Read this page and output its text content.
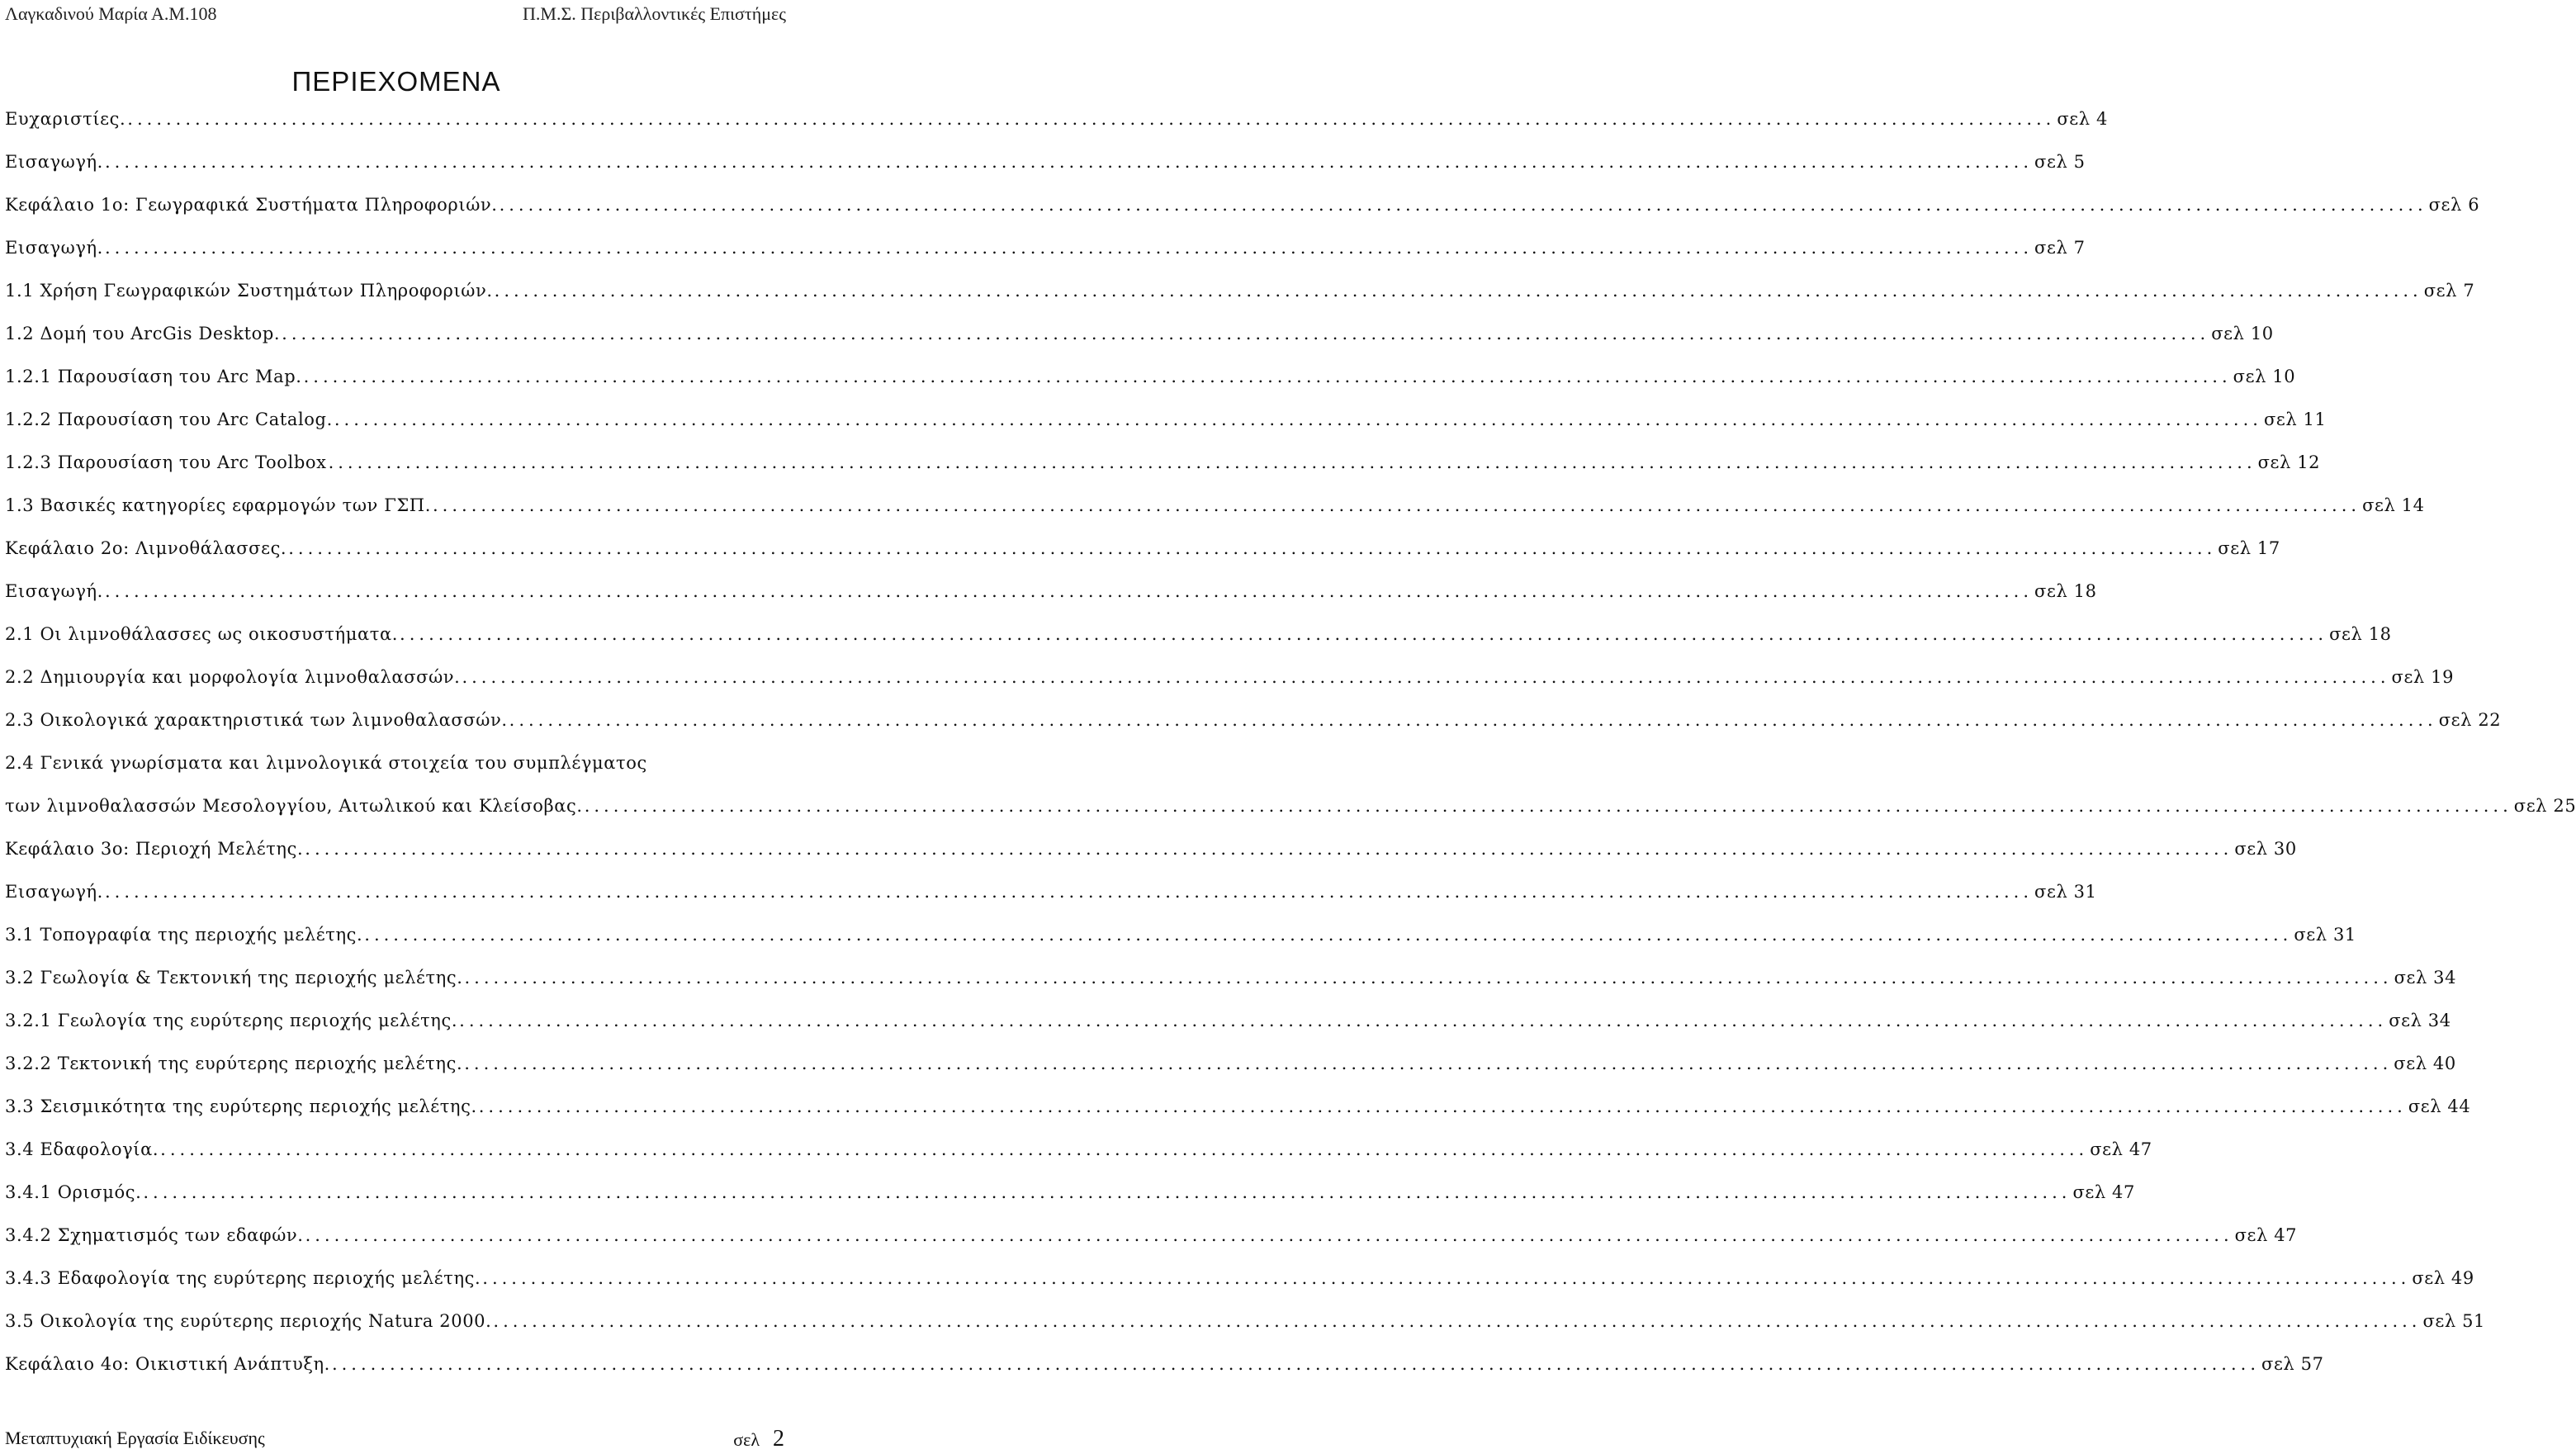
Λαγκαδινού Μαρία Α.Μ.108	Π.Μ.Σ. Περιβαλλοντικές Επιστήμες
ΠΕΡΙΕΧΟΜΕΝΑ
Ευχαριστίες. ........................................................................................................................................................................................................ σελ 4
Εισαγωγή. ........................................................................................................................................................................................................ σελ 5
Κεφάλαιο 1ο: Γεωγραφικά Συστήματα Πληροφοριών. ........................................................................................................................................................................................................ σελ 6
Εισαγωγή. ........................................................................................................................................................................................................ σελ 7
1.1 Χρήση Γεωγραφικών Συστημάτων Πληροφοριών. ........................................................................................................................................................................................................ σελ 7
1.2 Δομή του ArcGis Desktop. ........................................................................................................................................................................................................ σελ 10
1.2.1 Παρουσίαση του Arc Map. ........................................................................................................................................................................................................ σελ 10
1.2.2 Παρουσίαση του Arc Catalog. ........................................................................................................................................................................................................ σελ 11
1.2.3 Παρουσίαση του Arc Toolbox ........................................................................................................................................................................................................ σελ 12
1.3 Βασικές κατηγορίες εφαρμογών των ΓΣΠ. ........................................................................................................................................................................................................ σελ 14
Κεφάλαιο 2ο: Λιμνοθάλασσες. ........................................................................................................................................................................................................ σελ 17
Εισαγωγή. ........................................................................................................................................................................................................ σελ 18
2.1 Οι λιμνοθάλασσες ως οικοσυστήματα. ........................................................................................................................................................................................................ σελ 18
2.2 Δημιουργία και μορφολογία λιμνοθαλασσών. ........................................................................................................................................................................................................ σελ 19
2.3 Οικολογικά χαρακτηριστικά των λιμνοθαλασσών. ........................................................................................................................................................................................................ σελ 22
2.4 Γενικά γνωρίσματα και λιμνολογικά στοιχεία του συμπλέγματος
των λιμνοθαλασσών Μεσολογγίου, Αιτωλικού και Κλείσοβας. ........................................................................................................................................................................................................ σελ 25
Κεφάλαιο 3ο: Περιοχή Μελέτης. ........................................................................................................................................................................................................ σελ 30
Εισαγωγή. ........................................................................................................................................................................................................ σελ 31
3.1 Τοπογραφία της περιοχής μελέτης. ........................................................................................................................................................................................................ σελ 31
3.2 Γεωλογία & Τεκτονική της περιοχής μελέτης. ........................................................................................................................................................................................................ σελ 34
3.2.1 Γεωλογία της ευρύτερης περιοχής μελέτης. ........................................................................................................................................................................................................ σελ 34
3.2.2 Τεκτονική της ευρύτερης περιοχής μελέτης. ........................................................................................................................................................................................................ σελ 40
3.3 Σεισμικότητα της ευρύτερης περιοχής μελέτης. ........................................................................................................................................................................................................ σελ 44
3.4 Εδαφολογία. ........................................................................................................................................................................................................ σελ 47
3.4.1 Ορισμός. ........................................................................................................................................................................................................ σελ 47
3.4.2 Σχηματισμός των εδαφών. ........................................................................................................................................................................................................ σελ 47
3.4.3 Εδαφολογία της ευρύτερης περιοχής μελέτης. ........................................................................................................................................................................................................ σελ 49
3.5 Οικολογία της ευρύτερης περιοχής Natura 2000. ........................................................................................................................................................................................................ σελ 51
Κεφάλαιο 4ο: Οικιστική Ανάπτυξη. ........................................................................................................................................................................................................ σελ 57
Μεταπτυχιακή Εργασία Ειδίκευσης	σελ 2
